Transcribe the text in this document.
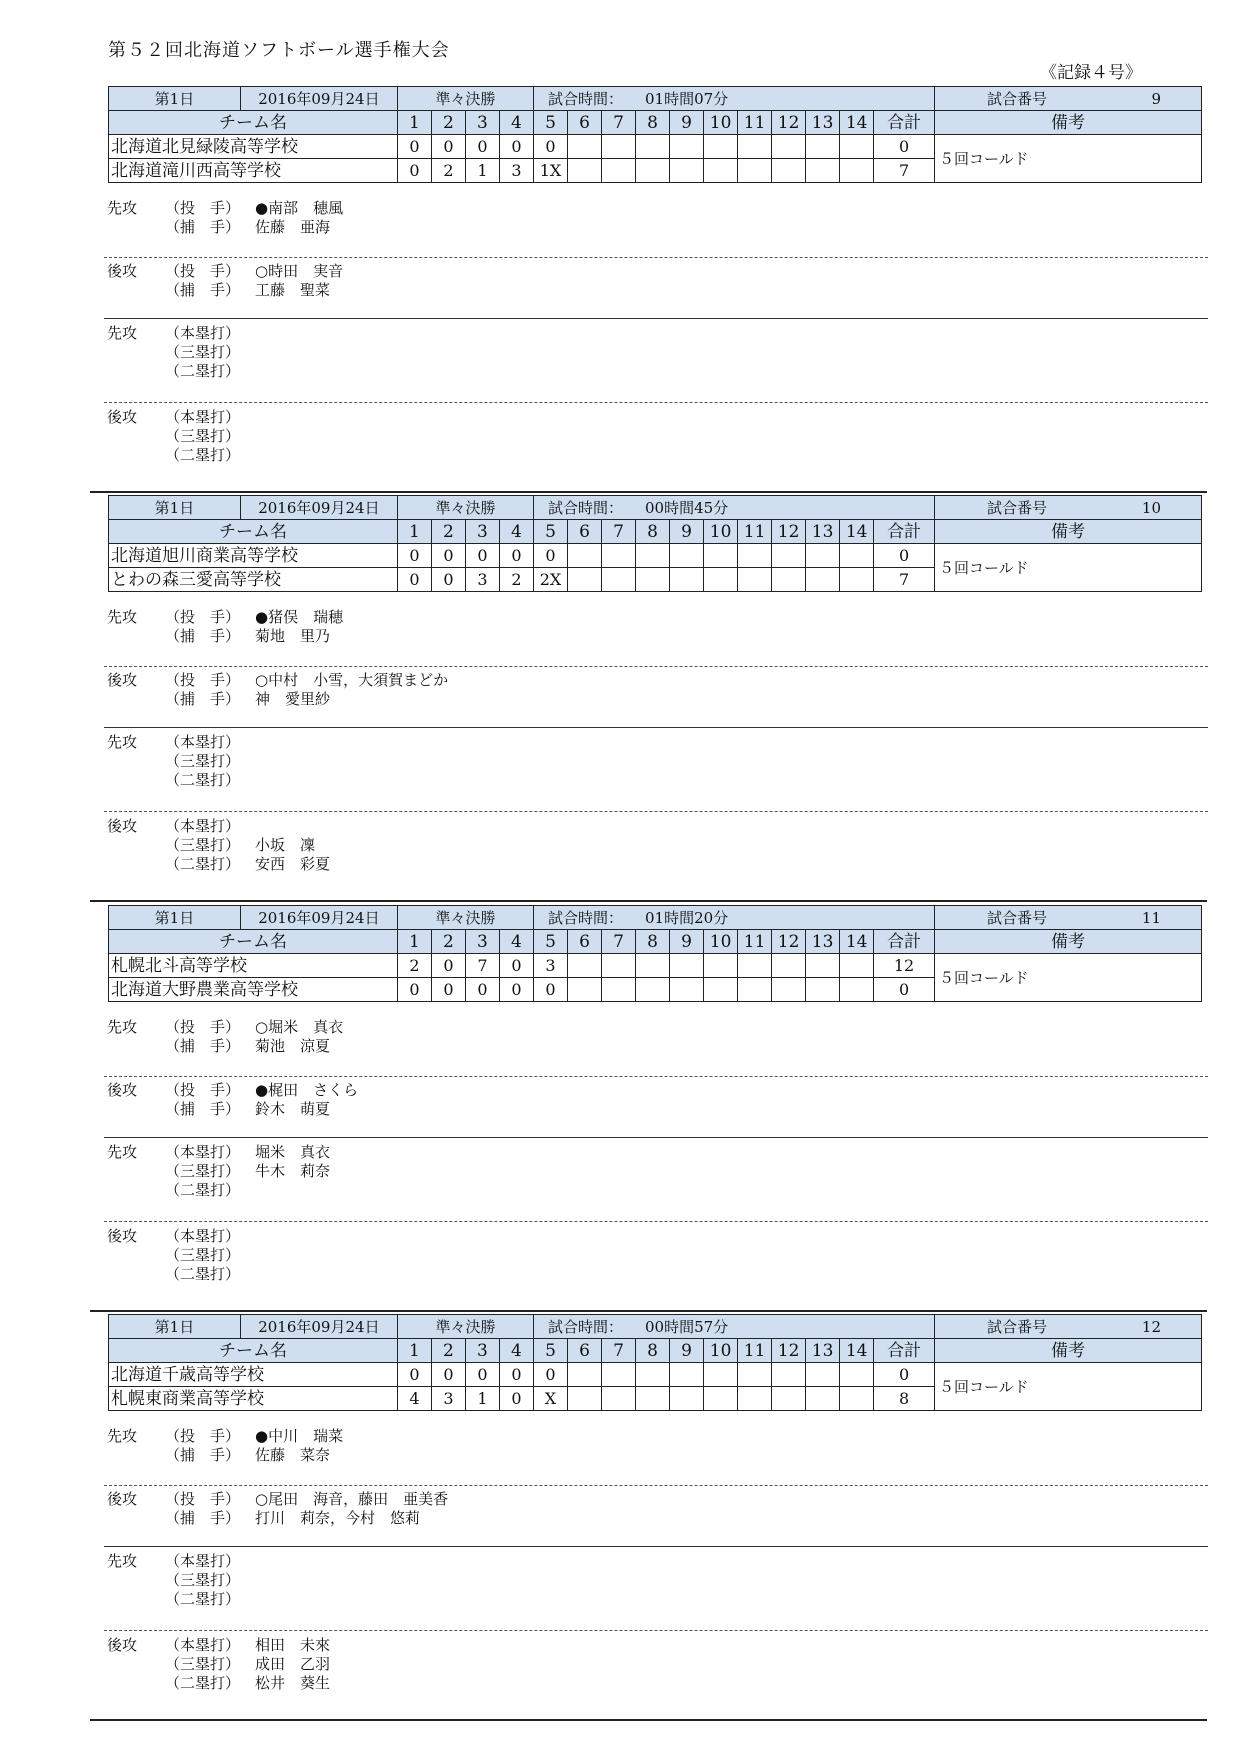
第５２回北海道ソフトボール選手権大会
《記録４号》
第1日	2016年09月24日	準々決勝				試合時間： 01時間07分											試合番号 9

チーム名		1	2	3	4	5	6	7	8	9	10	11	12	13	14	合計	備考
北海道北見緑陵高等学校		0	0	0	0	0										0	５回コールド
北海道滝川西高等学校		0	2	1	3	1X										7	
先攻	（投　手） ●南部　穂風
（捕　手） 佐藤　亜海
後攻	（投　手） ○時田　実音
（捕　手） 工藤　聖菜
先攻	（本塁打）
（三塁打）
（二塁打）
後攻	（本塁打）
（三塁打）
（二塁打）
第1日	2016年09月24日	準々決勝				試合時間： 00時間45分											試合番号 10

チーム名		1	2	3	4	5	6	7	8	9	10	11	12	13	14	合計	備考
北海道旭川商業高等学校		0	0	0	0	0										0	５回コールド
とわの森三愛高等学校		0	0	3	2	2X										7	
先攻	（投　手） ●猪俣　瑞穂
（捕　手） 菊地　里乃
後攻	（投　手） ○中村　小雪，大須賀まどか
（捕　手） 神　愛里紗
先攻	（本塁打）
（三塁打）
（二塁打）
後攻	（本塁打）
（三塁打） 小坂　凜
（二塁打） 安西　彩夏
第1日	2016年09月24日	準々決勝				試合時間： 01時間20分											試合番号 11

チーム名		1	2	3	4	5	6	7	8	9	10	11	12	13	14	合計	備考
札幌北斗高等学校		2	0	7	0	3										12	５回コールド
北海道大野農業高等学校		0	0	0	0	0										0	
先攻	（投　手） ○堀米　真衣
（捕　手） 菊池　涼夏
後攻	（投　手） ●梶田　さくら
（捕　手） 鈴木　萌夏
先攻	（本塁打） 堀米　真衣
（三塁打） 牛木　莉奈
（二塁打）
後攻	（本塁打）
（三塁打）
（二塁打）
第1日	2016年09月24日	準々決勝				試合時間： 00時間57分											試合番号 12

チーム名		1	2	3	4	5	6	7	8	9	10	11	12	13	14	合計	備考
北海道千歳高等学校		0	0	0	0	0										0	５回コールド
札幌東商業高等学校		4	3	1	0	X										8	
先攻	（投　手） ●中川　瑞菜
（捕　手） 佐藤　菜奈
後攻	（投　手） ○尾田　海音，藤田　亜美香
（捕　手） 打川　莉奈，今村　悠莉
先攻	（本塁打）
（三塁打）
（二塁打）
後攻	（本塁打） 相田　未來
（三塁打） 成田　乙羽
（二塁打） 松井　葵生
